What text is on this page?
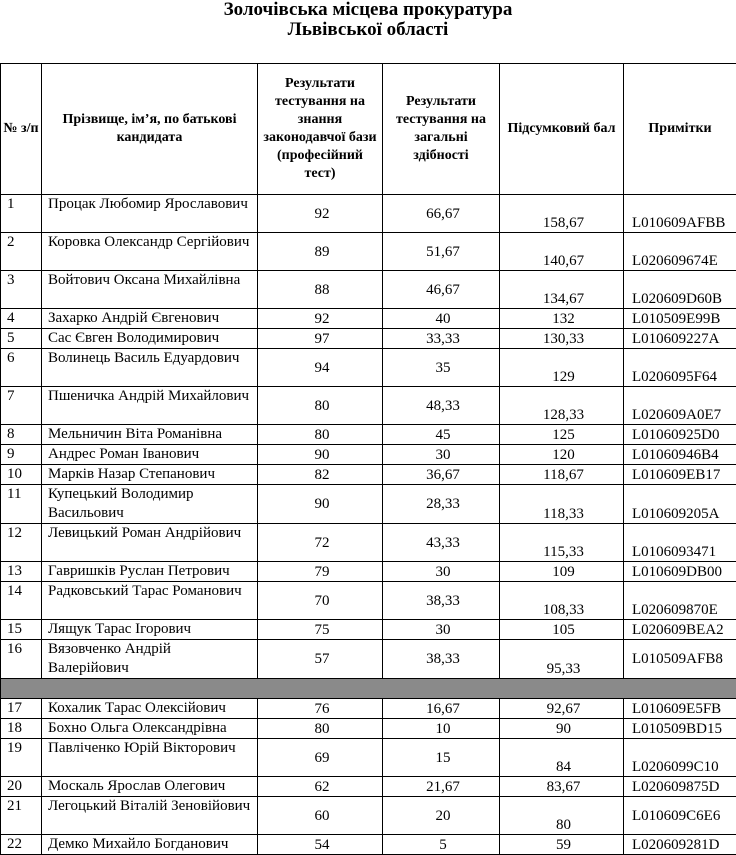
Золочівська місцева прокуратура
Львівської області
№ з/п	Прізвище, ім’я, по батькові кандидата	Результати тестування на знання законодавчої бази (професійний тест)	Результати тестування на загальні здібності	Підсумковий бал	Примітки
1	Процак Любомир Ярославович	92	66,67	158,67	L010609AFBB
2	Коровка Олександр Сергійович	89	51,67	140,67	L020609674E
3	Войтович Оксана Михайлівна	88	46,67	134,67	L020609D60B
4	Захарко Андрій Євгенович	92	40	132	L010509E99B
5	Сас Євген Володимирович	97	33,33	130,33	L010609227A
6	Волинець Василь Едуардович	94	35	129	L0206095F64
7	Пшеничка Андрій Михайлович	80	48,33	128,33	L020609A0E7
8	Мельничин Віта Романівна	80	45	125	L01060925D0
9	Андрес Роман Іванович	90	30	120	L01060946B4
10	Марків Назар Степанович	82	36,67	118,67	L010609EB17
11	Купецький Володимир Васильович	90	28,33	118,33	L010609205A
12	Левицький Роман Андрійович	72	43,33	115,33	L0106093471
13	Гавришків Руслан Петрович	79	30	109	L010609DB00
14	Радковський Тарас Романович	70	38,33	108,33	L020609870E
15	Лящук Тарас Ігорович	75	30	105	L020609BEA2
16	Вязовченко Андрій Валерійович	57	38,33	95,33	L010509AFB8

17	Кохалик Тарас Олексійович	76	16,67	92,67	L010609E5FB
18	Бохно Ольга Олександрівна	80	10	90	L010509BD15
19	Павліченко Юрій Вікторович	69	15	84	L0206099C10
20	Москаль Ярослав Олегович	62	21,67	83,67	L020609875D
21	Легоцький Віталій Зеновійович	60	20	80	L010609C6E6
22	Демко Михайло Богданович	54	5	59	L020609281D
